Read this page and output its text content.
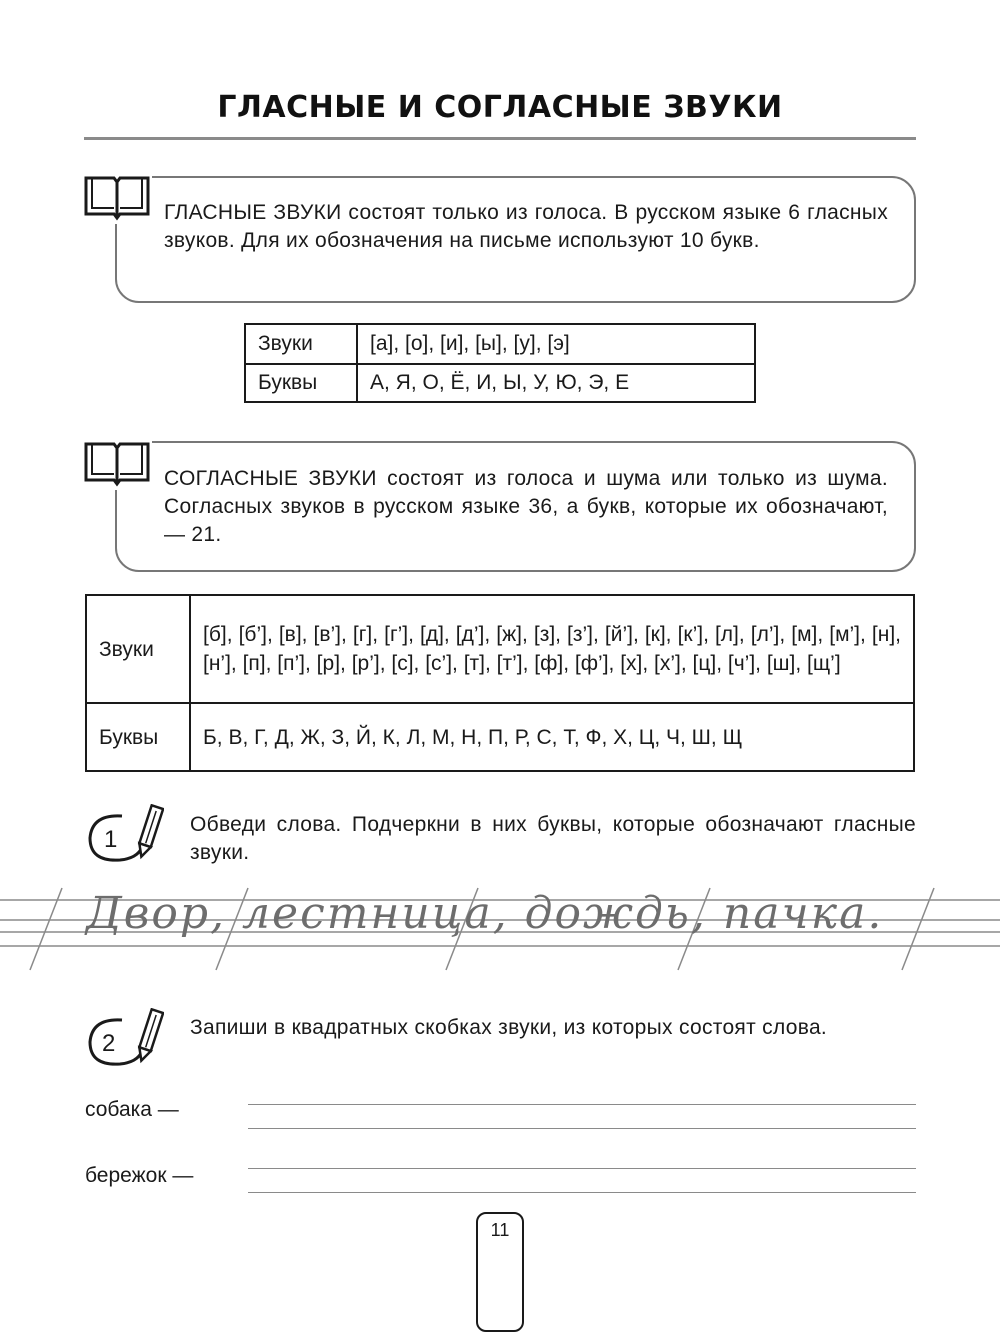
ГЛАСНЫЕ И СОГЛАСНЫЕ ЗВУКИ
ГЛАСНЫЕ ЗВУКИ состоят только из голоса. В русском языке 6 гласных звуков. Для их обозначения на письме используют 10 букв.
Звуки	[а], [о], [и], [ы], [у], [э]
Буквы	А, Я, О, Ё, И, Ы, У, Ю, Э, Е
СОГЛАСНЫЕ ЗВУКИ состоят из голоса и шума или только из шума. Согласных звуков в русском языке 36, а букв, которые их обозначают, — 21.
Звуки	[б], [б’], [в], [в’], [г], [г’], [д], [д’], [ж], [з], [з’], [й’], [к], [к’], [л], [л’], [м], [м’], [н], [н’], [п], [п’], [р], [р’], [с], [с’], [т], [т’], [ф], [ф’], [х], [х’], [ц], [ч’], [ш], [щ’]
Буквы	Б, В, Г, Д, Ж, З, Й, К, Л, М, Н, П, Р, С, Т, Ф, Х, Ц, Ч, Ш, Щ
1
Обведи слова. Подчеркни в них буквы, которые обозначают гласные звуки.
Двор, лестница, дождь, пачка.
2
Запиши в квадратных скобках звуки, из которых состоят слова.
собака —
бережок —
11
